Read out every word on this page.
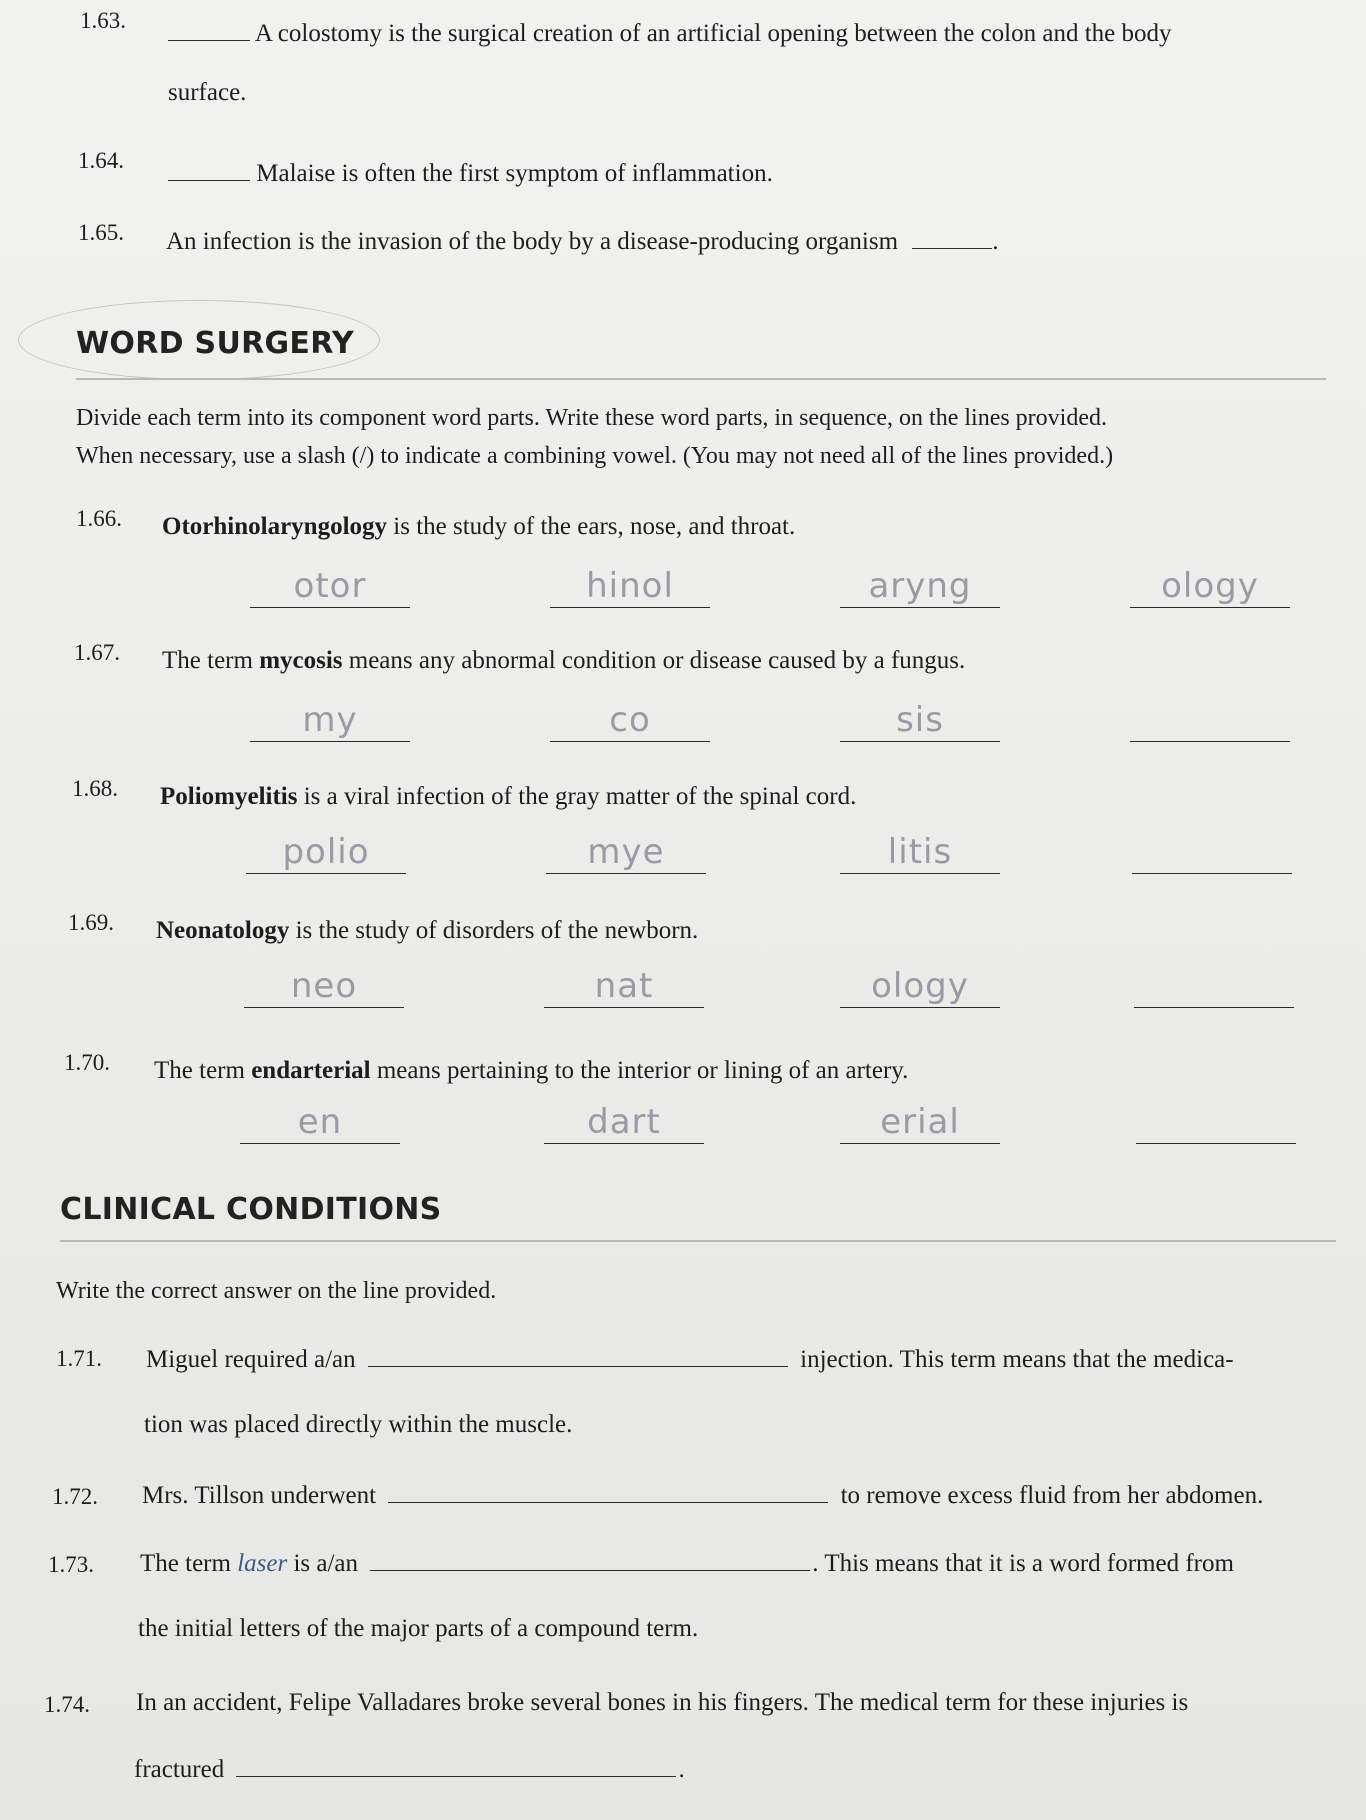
1.63.	A colostomy is the surgical creation of an artificial opening between the colon and the body
surface.
1.64.	Malaise is often the first symptom of inflammation.
1.65. An infection is the invasion of the body by a disease-producing organism	.
WORD SURGERY
Divide each term into its component word parts. Write these word parts, in sequence, on the lines provided.
When necessary, use a slash (/) to indicate a combining vowel. (You may not need all of the lines provided.)
1.66. Otorhinolaryngology is the study of the ears, nose, and throat.
otor	hinol	aryng	ology
1.67. The term mycosis means any abnormal condition or disease caused by a fungus.
my	co	sis
1.68. Poliomyelitis is a viral infection of the gray matter of the spinal cord.
polio	mye	litis
1.69. Neonatology is the study of disorders of the newborn.
neo	nat	ology
1.70. The term endarterial means pertaining to the interior or lining of an artery.
en	dart	erial
CLINICAL CONDITIONS
Write the correct answer on the line provided.
1.71. Miguel required a/an	injection. This term means that the medica-
tion was placed directly within the muscle.
1.72. Mrs. Tillson underwent	to remove excess fluid from her abdomen.
1.73. The term laser is a/an	. This means that it is a word formed from
the initial letters of the major parts of a compound term.
1.74. In an accident, Felipe Valladares broke several bones in his fingers. The medical term for these injuries is
fractured	.
